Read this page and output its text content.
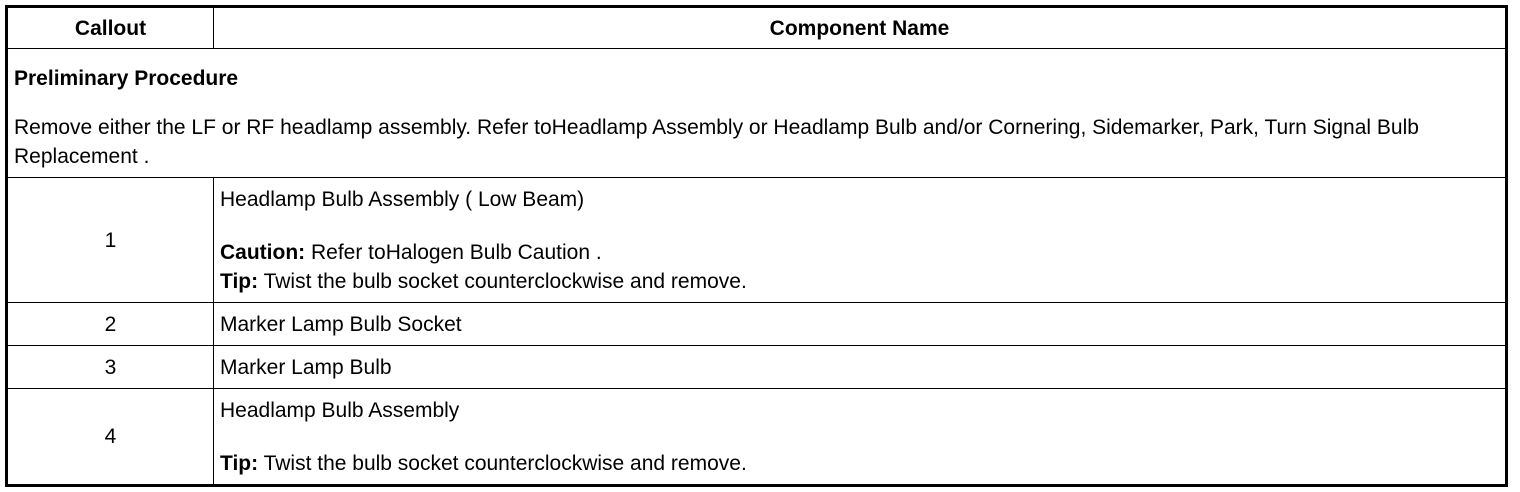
Callout	Component Name

Preliminary Procedure
Remove either the LF or RF headlamp assembly. Refer toHeadlamp Assembly or Headlamp Bulb and/or Cornering, Sidemarker, Park, Turn Signal Bulb Replacement .	

1	Headlamp Bulb Assembly ( Low Beam)
Caution: Refer toHalogen Bulb Caution .
Tip: Twist the bulb socket counterclockwise and remove.

2	Marker Lamp Bulb Socket
3	Marker Lamp Bulb
4	Headlamp Bulb Assembly
Tip: Twist the bulb socket counterclockwise and remove.
